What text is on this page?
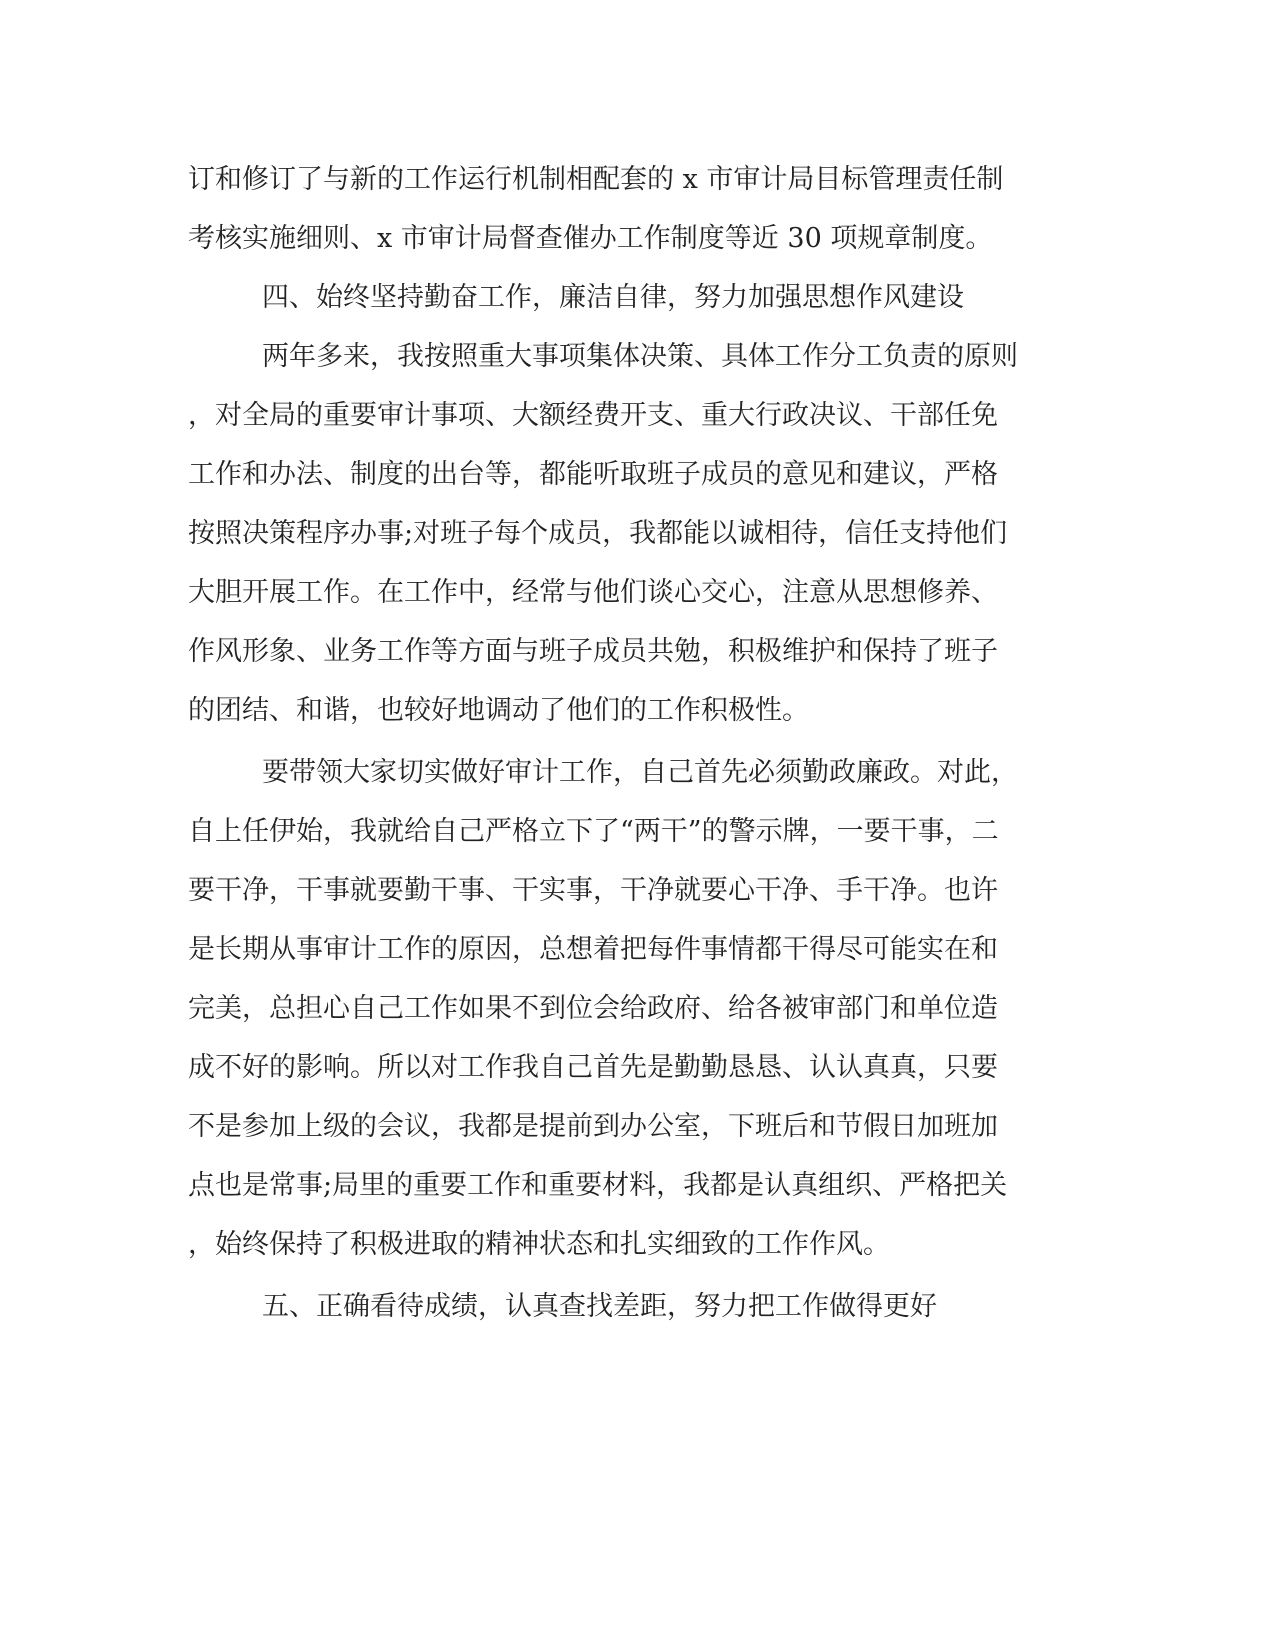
订和修订了与新的工作运行机制相配套的 x 市审计局目标管理责任制
考核实施细则、x 市审计局督查催办工作制度等近 30 项规章制度。
四、始终坚持勤奋工作，廉洁自律，努力加强思想作风建设
两年多来，我按照重大事项集体决策、具体工作分工负责的原则
，对全局的重要审计事项、大额经费开支、重大行政决议、干部任免
工作和办法、制度的出台等，都能听取班子成员的意见和建议，严格
按照决策程序办事;对班子每个成员，我都能以诚相待，信任支持他们
大胆开展工作。在工作中，经常与他们谈心交心，注意从思想修养、
作风形象、业务工作等方面与班子成员共勉，积极维护和保持了班子
的团结、和谐，也较好地调动了他们的工作积极性。
要带领大家切实做好审计工作，自己首先必须勤政廉政。对此，
自上任伊始，我就给自己严格立下了“两干”的警示牌，一要干事，二
要干净，干事就要勤干事、干实事，干净就要心干净、手干净。也许
是长期从事审计工作的原因，总想着把每件事情都干得尽可能实在和
完美，总担心自己工作如果不到位会给政府、给各被审部门和单位造
成不好的影响。所以对工作我自己首先是勤勤恳恳、认认真真，只要
不是参加上级的会议，我都是提前到办公室，下班后和节假日加班加
点也是常事;局里的重要工作和重要材料，我都是认真组织、严格把关
，始终保持了积极进取的精神状态和扎实细致的工作作风。
五、正确看待成绩，认真查找差距，努力把工作做得更好
